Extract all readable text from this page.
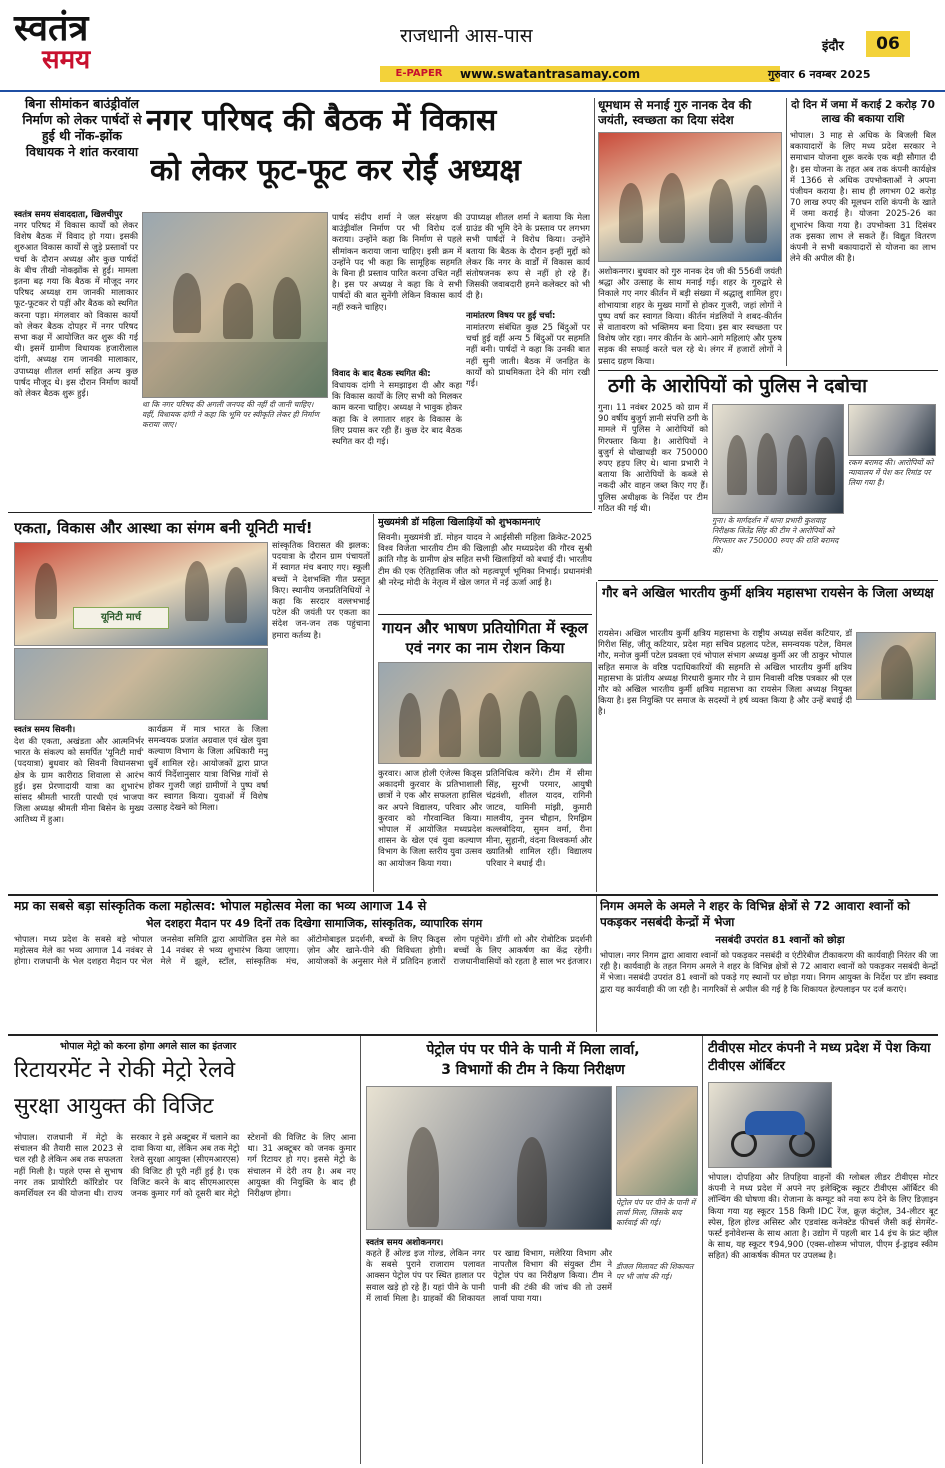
स्वतंत्र
समय
राजधानी आस-पास
E-PAPER	www.swatantrasamay.com
इंदौर	06
गुरुवार 6 नवम्बर 2025
बिना सीमांकन बाउंड्रीवॉल निर्माण को लेकर पार्षदों से हुई थी नोंक-झोंक विधायक ने शांत करवाया
नगर परिषद की बैठक में विकास
को लेकर फूट-फूट कर रोईं अध्यक्ष
स्वतंत्र समय संवाददाता, खिलचीपुर
नगर परिषद में विकास कार्यों को लेकर विशेष बैठक में विवाद हो गया। इसकी शुरुआत विकास कार्यों से जुड़े प्रस्तावों पर चर्चा के दौरान अध्यक्ष और कुछ पार्षदों के बीच तीखी नोकझोंक से हुई। मामला इतना बढ़ गया कि बैठक में मौजूद नगर परिषद अध्यक्ष राम जानकी मालाकार फूट-फूटकर रो पड़ीं और बैठक को स्थगित करना पड़ा। मंगलवार को विकास कार्यों को लेकर बैठक दोपहर में नगर परिषद सभा कक्ष में आयोजित कर शुरू की गई थी। इसमें ग्रामीण विधायक हजारीलाल दांगी, अध्यक्ष राम जानकी मालाकार, उपाध्यक्ष शीतल शर्मा सहित अन्य कुछ पार्षद मौजूद थे। इस दौरान निर्माण कार्यों को लेकर बैठक शुरू हुई।
था कि नगर परिषद की अगली जनपद की नहीं दी जानी चाहिए। वहीं, विधायक दांगी ने कहा कि भूमि पर स्वीकृति लेकर ही निर्माण कराया जाए।
पार्षद संदीप शर्मा ने जल संरक्षण की बाउंड्रीवॉल निर्माण पर भी विरोध दर्ज कराया। उन्होंने कहा कि निर्माण से पहले सीमांकन कराया जाना चाहिए। इसी क्रम में उन्होंने पद भी कहा कि सामूहिक सहमति के बिना ही प्रस्ताव पारित करना उचित नहीं है। इस पर अध्यक्ष ने कहा कि वे सभी पार्षदों की बात सुनेंगी लेकिन विकास कार्य नहीं रुकने चाहिए।
विवाद के बाद बैठक स्थगित की:
विधायक दांगी ने समझाइश दी और कहा कि विकास कार्यों के लिए सभी को मिलकर काम करना चाहिए। अध्यक्ष ने भावुक होकर कहा कि वे लगातार शहर के विकास के लिए प्रयास कर रही हैं। कुछ देर बाद बैठक स्थगित कर दी गई।
उपाध्यक्ष शीतल शर्मा ने बताया कि मेला ग्राउंड की भूमि देने के प्रस्ताव पर लगभग सभी पार्षदों ने विरोध किया। उन्होंने बताया कि बैठक के दौरान इन्हीं मुद्दों को लेकर कि नगर के वार्डों में विकास कार्य संतोषजनक रूप से नहीं हो रहे हैं। जिसकी जवाबदारी हमने कलेक्टर को भी दी है।
नामांतरण विषय पर हुई चर्चा:
नामांतरण संबंधित कुछ 25 बिंदुओं पर चर्चा हुई वहीं अन्य 5 बिंदुओं पर सहमति नहीं बनी। पार्षदों ने कहा कि उनकी बात नहीं सुनी जाती। बैठक में जनहित के कार्यों को प्राथमिकता देने की मांग रखी गई।
धूमधाम से मनाई गुरु नानक देव की जयंती, स्वच्छता का दिया संदेश
अशोकनगर। बुधवार को गुरु नानक देव जी की 556वीं जयंती श्रद्धा और उत्साह के साथ मनाई गई। शहर के गुरुद्वारे से निकाले गए नगर कीर्तन में बड़ी संख्या में श्रद्धालु शामिल हुए। शोभायात्रा शहर के मुख्य मार्गों से होकर गुजरी, जहां लोगों ने पुष्प वर्षा कर स्वागत किया। कीर्तन मंडलियों ने शबद-कीर्तन से वातावरण को भक्तिमय बना दिया। इस बार स्वच्छता पर विशेष जोर रहा। नगर कीर्तन के आगे-आगे महिलाएं और पुरुष सड़क की सफाई करते चल रहे थे। लंगर में हजारों लोगों ने प्रसाद ग्रहण किया।
दो दिन में जमा में कराई 2 करोड़ 70 लाख की बकाया राशि
भोपाल। 3 माह से अधिक के बिजली बिल बकायादारों के लिए मध्य प्रदेश सरकार ने समाधान योजना शुरू करके एक बड़ी सौगात दी है। इस योजना के तहत अब तक कंपनी कार्यक्षेत्र में 1366 से अधिक उपभोक्ताओं ने अपना पंजीयन कराया है। साथ ही लगभग 02 करोड़ 70 लाख रुपए की मूलधन राशि कंपनी के खाते में जमा कराई है। योजना 2025-26 का शुभारंभ किया गया है। उपभोक्ता 31 दिसंबर तक इसका लाभ ले सकते हैं। विद्युत वितरण कंपनी ने सभी बकायादारों से योजना का लाभ लेने की अपील की है।
ठगी के आरोपियों को पुलिस ने दबोचा
गुना। 11 नवंबर 2025 को ग्राम में 90 वर्षीय बुजुर्ग ज्ञानी संपत्ति ठगी के मामले में पुलिस ने आरोपियों को गिरफ्तार किया है। आरोपियों ने बुजुर्ग से धोखाधड़ी कर 750000 रुपए हड़प लिए थे। थाना प्रभारी ने बताया कि आरोपियों के कब्जे से नकदी और वाहन जब्त किए गए हैं। पुलिस अधीक्षक के निर्देश पर टीम गठित की गई थी।
गुना। के मार्गदर्शन में थाना प्रभारी कुशवाह निरीक्षक जितेंद्र सिंह की टीम ने आरोपियों को गिरफ्तार कर 750000 रुपए की राशि बरामद की।
रकम बरामद की। आरोपियों को न्यायालय में पेश कर रिमांड पर लिया गया है।
गौर बने अखिल भारतीय कुर्मी क्षत्रिय महासभा रायसेन के जिला अध्यक्ष
रायसेन। अखिल भारतीय कुर्मी क्षत्रिय महासभा के राष्ट्रीय अध्यक्ष सर्वेश कटियार, डॉ गिरीश सिंह, जीतू कटियार, प्रदेश महा सचिव प्रहलाद पटेल, समन्वयक पटेल, विमल गौर, मनोज कुर्मी पटेल प्रवक्ता एवं भोपाल संभाग अध्यक्ष कुर्मी अर जी ठाकुर भोपाल सहित समाज के वरिष्ठ पदाधिकारियों की सहमति से अखिल भारतीय कुर्मी क्षत्रिय महासभा के प्रांतीय अध्यक्ष गिरधारी कुमार गौर ने ग्राम निवासी वरिष्ठ पत्रकार श्री एल गौर को अखिल भारतीय कुर्मी क्षत्रिय महासभा का रायसेन जिला अध्यक्ष नियुक्त किया है। इस नियुक्ति पर समाज के सदस्यों ने हर्ष व्यक्त किया है और उन्हें बधाई दी है।
एकता, विकास और आस्था का संगम बनी यूनिटी मार्च!
यूनिटी मार्च
स्वतंत्र समय सिवनी।
देश की एकता, अखंडता और आत्मनिर्भर भारत के संकल्प को समर्पित 'यूनिटी मार्च' (पदयात्रा) बुधवार को सिवनी विधानसभा क्षेत्र के ग्राम कारीराठ शिवाला से आरंभ हुई। इस प्रेरणादायी यात्रा का शुभारंभ सांसद श्रीमती भारती पारधी एवं भाजपा जिला अध्यक्ष श्रीमती मीना बिसेन के मुख्य आतिथ्य में हुआ।
कार्यक्रम में मात्र भारत के जिला समन्वयक प्रजांत अग्रवाल एवं खेल युवा कल्याण विभाग के जिला अधिकारी मनु धुर्वे शामिल रहे। आयोजकों द्वारा प्राप्त कार्य निर्देशानुसार यात्रा विभिन्न गांवों से होकर गुजरी जहां ग्रामीणों ने पुष्प वर्षा कर स्वागत किया। युवाओं में विशेष उत्साह देखने को मिला।
सांस्कृतिक विरासत की झलक: पदयात्रा के दौरान ग्राम पंचायतों में स्वागत मंच बनाए गए। स्कूली बच्चों ने देशभक्ति गीत प्रस्तुत किए। स्थानीय जनप्रतिनिधियों ने कहा कि सरदार वल्लभभाई पटेल की जयंती पर एकता का संदेश जन-जन तक पहुंचाना हमारा कर्तव्य है।
मुख्यमंत्री डॉ महिला खिलाड़ियों को शुभकामनाएं
सिवनी। मुख्यमंत्री डॉ. मोहन यादव ने आईसीसी महिला क्रिकेट-2025 विश्व विजेता भारतीय टीम की खिलाड़ी और मध्यप्रदेश की गौरव सुश्री क्रांति गौड़ के ग्रामीण क्षेत्र सहित सभी खिलाड़ियों को बधाई दी। भारतीय टीम की एक ऐतिहासिक जीत को महत्वपूर्ण भूमिका निभाई। प्रधानमंत्री श्री नरेन्द्र मोदी के नेतृत्व में खेल जगत में नई ऊर्जा आई है।
गायन और भाषण प्रतियोगिता में स्कूल एवं नगर का नाम रोशन किया
कुरवार। आज होली एंजेल्स किड्स अकादमी कुरवार के प्रतिभाशाली छात्रों ने एक और सफलता हासिल कर अपने विद्यालय, परिवार और कुरवार को गौरवान्वित किया। भोपाल में आयोजित मध्यप्रदेश शासन के खेल एवं युवा कल्याण विभाग के जिला स्तरीय युवा उत्सव का आयोजन किया गया।
प्रतिनिधित्व करेंगे। टीम में सीमा सिंह, सुरभी परमार, आयुषी चंद्रवंशी, शीतल यादव, रागिनी जाटव, यामिनी मांझी, कुमारी मालवीय, नुनन चौहान, रिमझिम कल्लबोदिया, सुमन वर्मा, रीना मीना, सुहानी, वंदना विश्वकर्मा और ख्यातिश्री शामिल रहीं। विद्यालय परिवार ने बधाई दी।
मप्र का सबसे बड़ा सांस्कृतिक कला महोत्सव: भोपाल महोत्सव मेला का भव्य आगाज 14 से
भेल दशहरा मैदान पर 49 दिनों तक दिखेगा सामाजिक, सांस्कृतिक, व्यापारिक संगम
भोपाल। मध्य प्रदेश के सबसे बड़े भोपाल महोत्सव मेले का भव्य आगाज 14 नवंबर से होगा। राजधानी के भेल दशहरा मैदान पर भेल जनसेवा समिति द्वारा आयोजित इस मेले का 14 नवंबर से भव्य शुभारंभ किया जाएगा। मेले में झूले, स्टॉल, सांस्कृतिक मंच, ऑटोमोबाइल प्रदर्शनी, बच्चों के लिए किड्स ज़ोन और खाने-पीने की विविधता होगी। आयोजकों के अनुसार मेले में प्रतिदिन हजारों लोग पहुंचेंगे। डॉगी शो और रोबोटिक प्रदर्शनी बच्चों के लिए आकर्षण का केंद्र रहेगी। राजधानीवासियों को रहता है साल भर इंतजार।
निगम अमले के अमले ने शहर के विभिन्न क्षेत्रों से 72 आवारा श्वानों को पकड़कर नसबंदी केन्द्रों में भेजा
नसबंदी उपरांत 81 श्वानों को छोड़ा
भोपाल। नगर निगम द्वारा आवारा श्वानों को पकड़कर नसबंदी व एंटीरेबीज टीकाकरण की कार्यवाही निरंतर की जा रही है। कार्यवाही के तहत निगम अमले ने शहर के विभिन्न क्षेत्रों से 72 आवारा श्वानों को पकड़कर नसबंदी केन्द्रों में भेजा। नसबंदी उपरांत 81 श्वानों को पकड़े गए स्थानों पर छोड़ा गया। निगम आयुक्त के निर्देश पर डॉग स्क्वाड द्वारा यह कार्यवाही की जा रही है। नागरिकों से अपील की गई है कि शिकायत हेल्पलाइन पर दर्ज कराएं।
भोपाल मेट्रो को करना होगा अगले साल का इंतजार
रिटायरमेंट ने रोकी मेट्रो रेलवे
सुरक्षा आयुक्त की विजिट
भोपाल। राजधानी में मेट्रो के संचालन की तैयारी साल 2023 से चल रही है लेकिन अब तक सफलता नहीं मिली है। पहले एम्स से सुभाष नगर तक प्रायोरिटी कॉरिडोर पर कमर्शियल रन की योजना थी। राज्य सरकार ने इसे अक्टूबर में चलाने का दावा किया था, लेकिन अब तक मेट्रो रेलवे सुरक्षा आयुक्त (सीएमआरएस) की विजिट ही पूरी नहीं हुई है। एक विजिट करने के बाद सीएमआरएस जनक कुमार गर्ग को दूसरी बार मेट्रो स्टेशनों की विजिट के लिए आना था। 31 अक्टूबर को जनक कुमार गर्ग रिटायर हो गए। इससे मेट्रो के संचालन में देरी तय है। अब नए आयुक्त की नियुक्ति के बाद ही निरीक्षण होगा।
पेट्रोल पंप पर पीने के पानी में मिला लार्वा,
3 विभागों की टीम ने किया निरीक्षण
पेट्रोल पंप पर पीने के पानी में लार्वा मिला, जिसके बाद कार्रवाई की गई।
स्वतंत्र समय अशोकनगर।
कहते हैं ओल्ड इज गोल्ड, लेकिन नगर के सबसे पुराने राजाराम पलावत आक्सन पेट्रोल पंप पर स्थित हालात पर सवाल खड़े हो रहे हैं। यहां पीने के पानी में लार्वा मिला है। ग्राहकों की शिकायत पर खाद्य विभाग, मलेरिया विभाग और नापतौल विभाग की संयुक्त टीम ने पेट्रोल पंप का निरीक्षण किया। टीम ने पानी की टंकी की जांच की तो उसमें लार्वा पाया गया।
डीजल मिलावट की शिकायत पर भी जांच की गई।
टीवीएस मोटर कंपनी ने मध्य प्रदेश में पेश किया टीवीएस ऑर्बिटर
भोपाल। दोपहिया और तिपहिया वाहनों की ग्लोबल लीडर टीवीएस मोटर कंपनी ने मध्य प्रदेश में अपने नए इलेक्ट्रिक स्कूटर टीवीएस ऑर्बिटर की लॉन्चिंग की घोषणा की। रोजाना के कम्यूट को नया रूप देने के लिए डिज़ाइन किया गया यह स्कूटर 158 किमी IDC रेंज, क्रूज़ कंट्रोल, 34-लीटर बूट स्पेस, हिल होल्ड असिस्ट और एडवांस्ड कनेक्टेड फीचर्स जैसी कई सेगमेंट-फर्स्ट इनोवेशन्स के साथ आता है। उद्योग में पहली बार 14 इंच के फ्रंट व्हील के साथ, यह स्कूटर ₹94,900 (एक्स-शोरूम भोपाल, पीएम ई-ड्राइव स्कीम सहित) की आकर्षक कीमत पर उपलब्ध है।
